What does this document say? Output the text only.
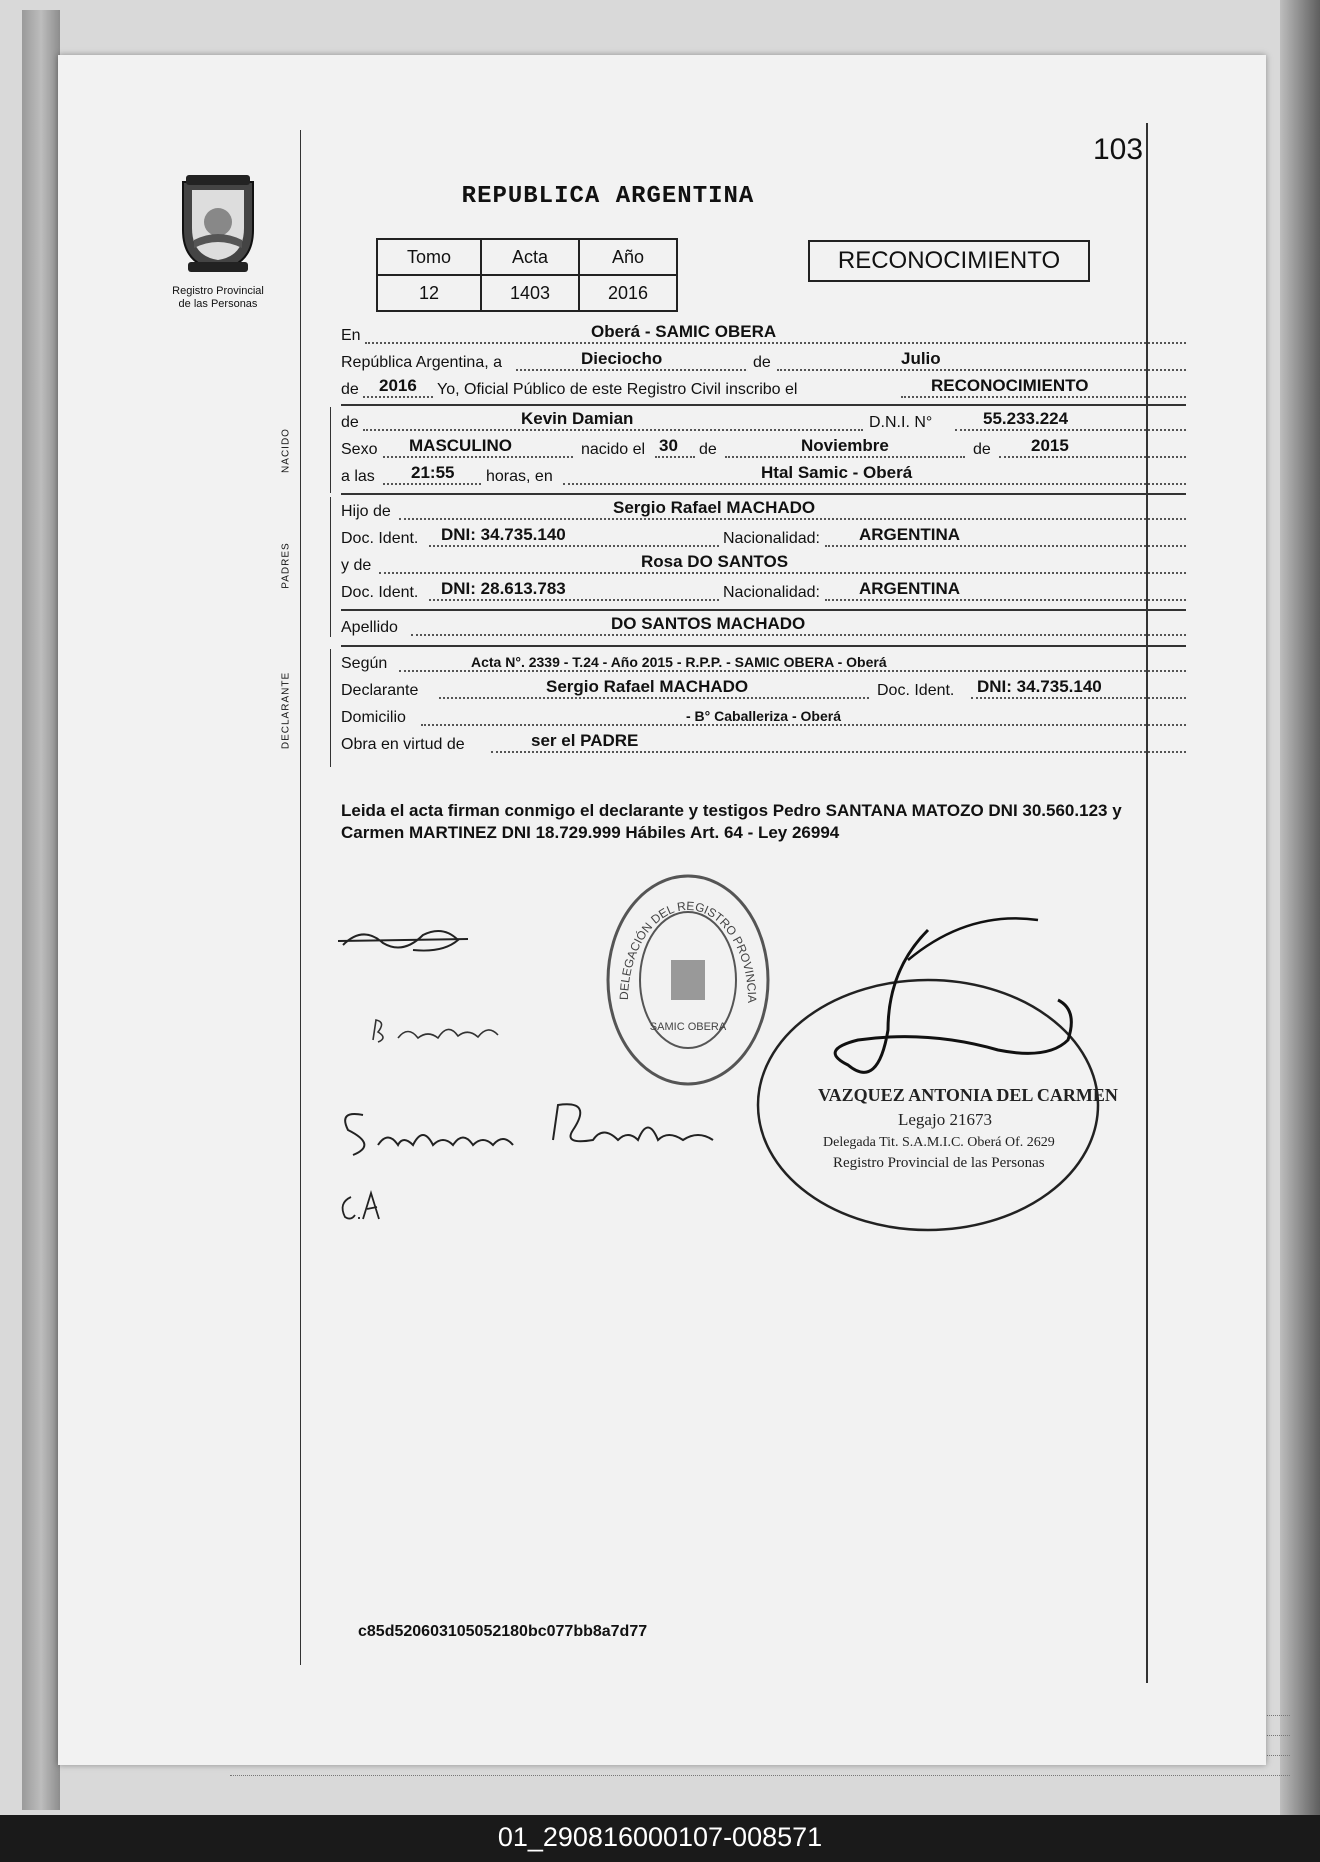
103
Registro Provincial
de las Personas
REPUBLICA ARGENTINA
Tomo	Acta	Año
12	1403	2016
RECONOCIMIENTO
En	Oberá - SAMIC OBERA
República Argentina, a	Dieciocho	de	Julio
de 2016 Yo, Oficial Público de este Registro Civil inscribo el	RECONOCIMIENTO
NACIDO
de	Kevin Damian	D.N.I. N°	55.233.224
Sexo MASCULINO	nacido el 30 de	Noviembre	de 2015
a las 21:55 horas, en	Htal Samic - Oberá
PADRES
Hijo de	Sergio Rafael MACHADO
Doc. Ident. DNI: 34.735.140	Nacionalidad: ARGENTINA
y de	Rosa DO SANTOS
Doc. Ident. DNI: 28.613.783	Nacionalidad: ARGENTINA
Apellido	DO SANTOS MACHADO
DECLARANTE
Según	Acta N°. 2339 - T.24 - Año 2015 - R.P.P. - SAMIC OBERA - Oberá
Declarante	Sergio Rafael MACHADO	Doc. Ident. DNI: 34.735.140
Domicilio	- B° Caballeriza - Oberá
Obra en virtud de	ser el PADRE
Leida el acta firman conmigo el declarante y testigos Pedro SANTANA MATOZO DNI 30.560.123 y Carmen MARTINEZ DNI 18.729.999 Hábiles Art. 64 - Ley 26994
DELEGACIÓN DEL REGISTRO PROVINCIA
SAMIC OBERA
VAZQUEZ ANTONIA DEL CARMEN
Legajo 21673
Delegada Tit. S.A.M.I.C. Oberá Of. 2629
Registro Provincial de las Personas
c85d520603105052180bc077bb8a7d77
01_290816000107-008571
